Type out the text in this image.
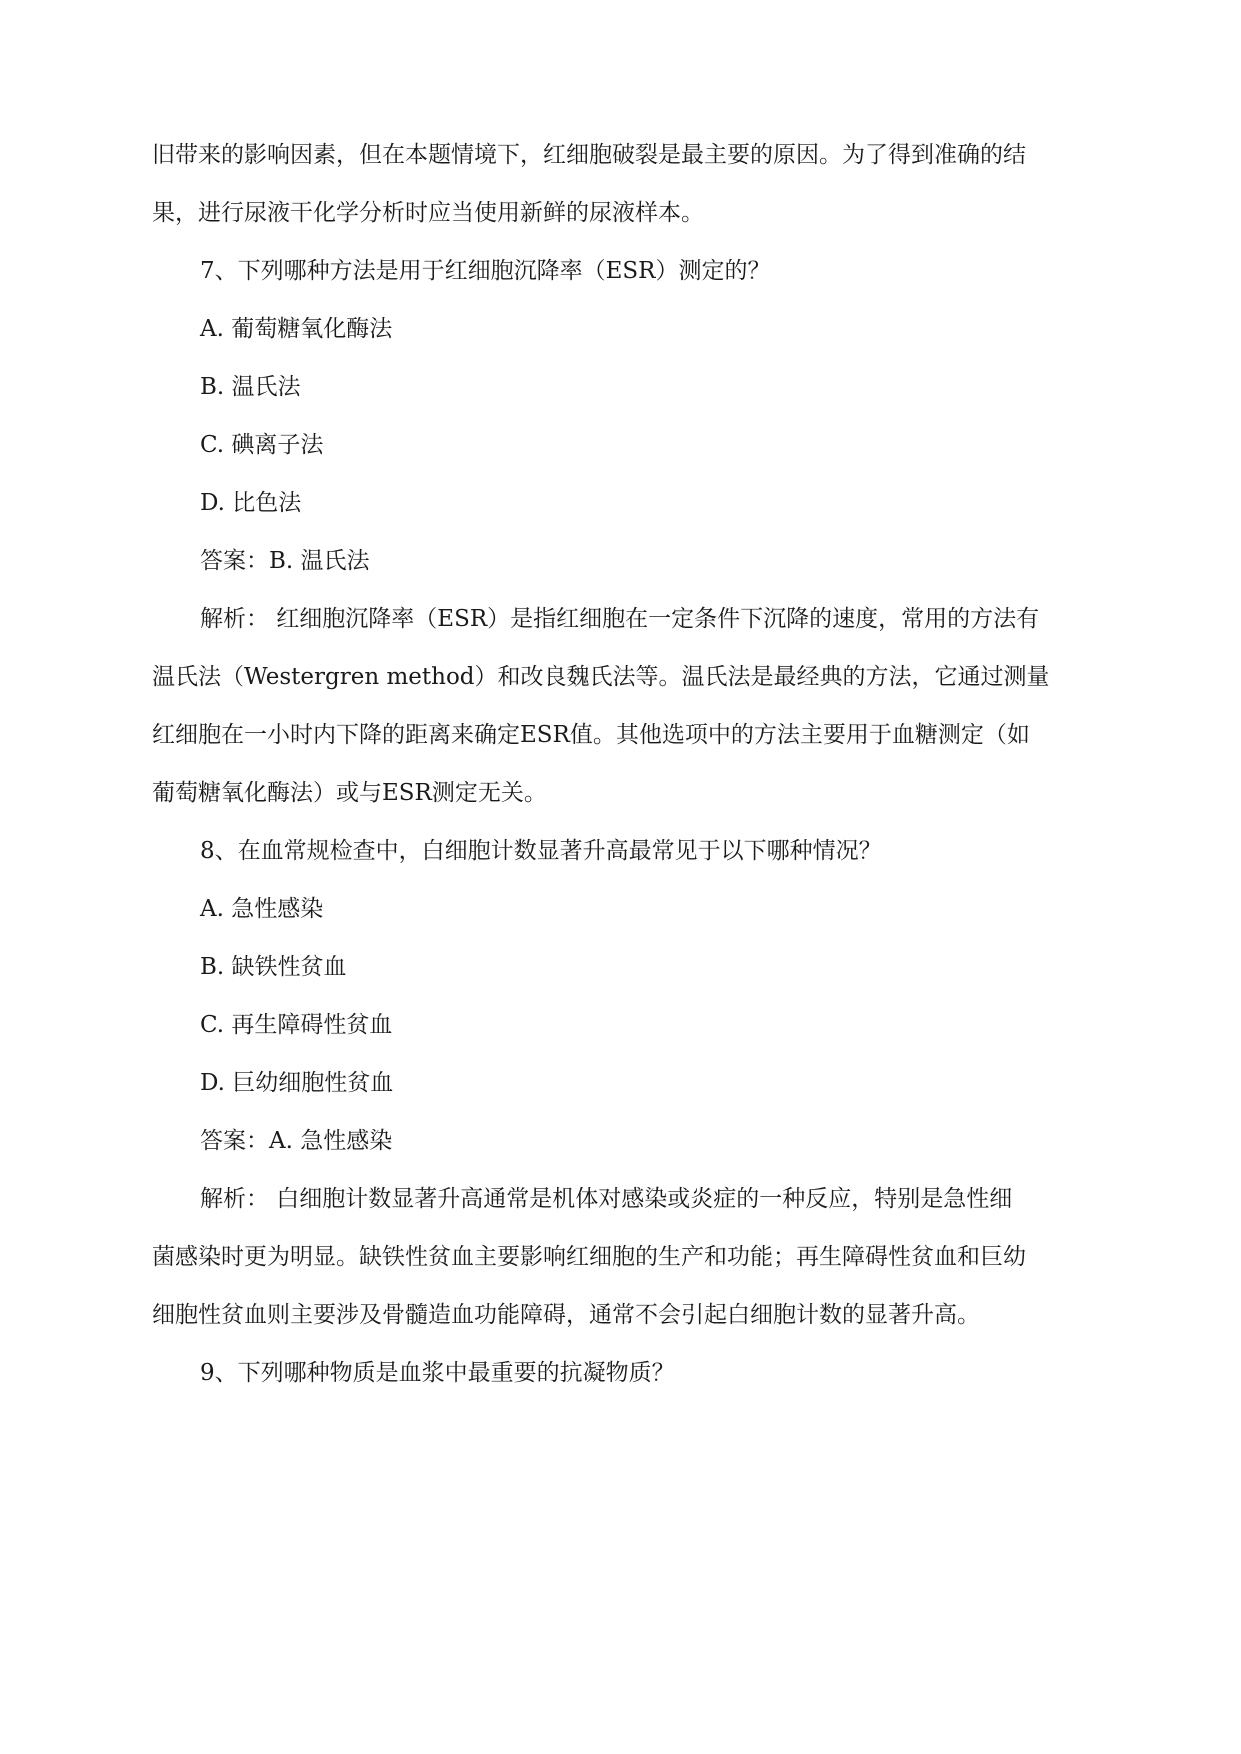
旧带来的影响因素，但在本题情境下，红细胞破裂是最主要的原因。为了得到准确的结
果，进行尿液干化学分析时应当使用新鲜的尿液样本。
7、下列哪种方法是用于红细胞沉降率（ESR）测定的？
A. 葡萄糖氧化酶法
B. 温氏法
C. 碘离子法
D. 比色法
答案：B. 温氏法
解析： 红细胞沉降率（ESR）是指红细胞在一定条件下沉降的速度，常用的方法有
温氏法（Westergren method）和改良魏氏法等。温氏法是最经典的方法，它通过测量
红细胞在一小时内下降的距离来确定ESR值。其他选项中的方法主要用于血糖测定（如
葡萄糖氧化酶法）或与ESR测定无关。
8、在血常规检查中，白细胞计数显著升高最常见于以下哪种情况？
A. 急性感染
B. 缺铁性贫血
C. 再生障碍性贫血
D. 巨幼细胞性贫血
答案：A. 急性感染
解析： 白细胞计数显著升高通常是机体对感染或炎症的一种反应，特别是急性细
菌感染时更为明显。缺铁性贫血主要影响红细胞的生产和功能；再生障碍性贫血和巨幼
细胞性贫血则主要涉及骨髓造血功能障碍，通常不会引起白细胞计数的显著升高。
9、下列哪种物质是血浆中最重要的抗凝物质？
